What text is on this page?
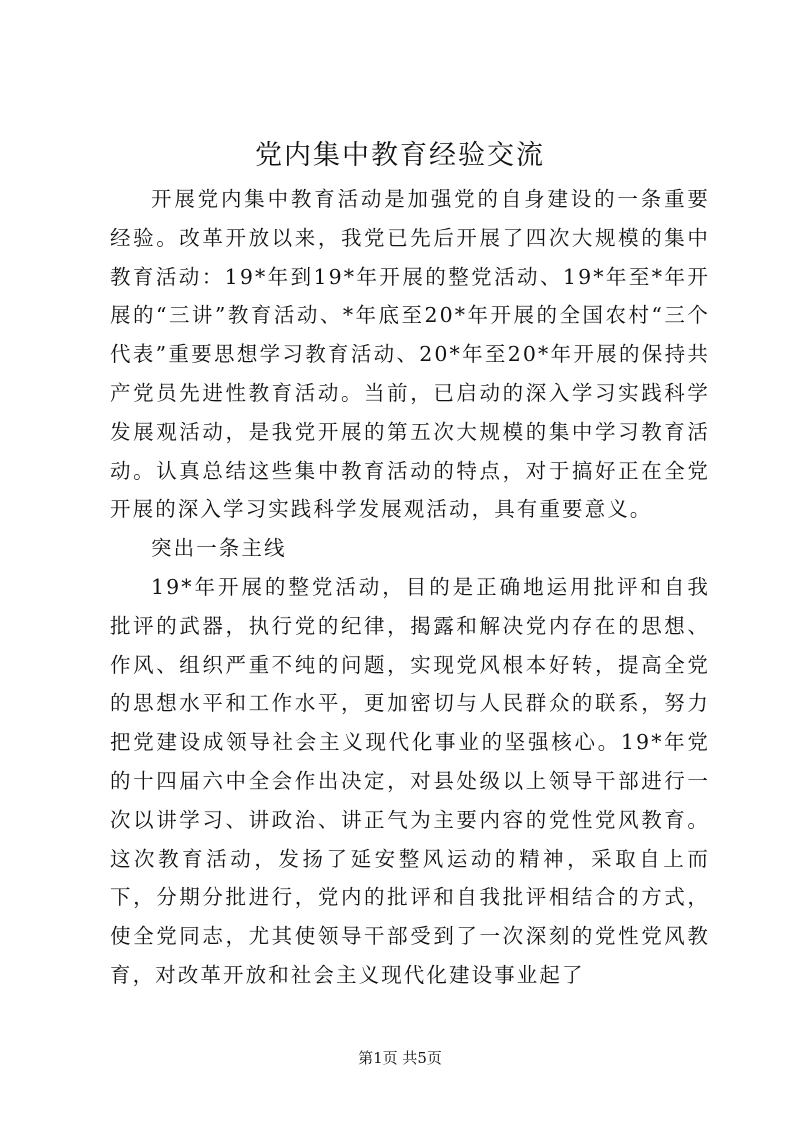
党内集中教育经验交流

开展党内集中教育活动是加强党的自身建设的一条重要经验。改革开放以来，我党已先后开展了四次大规模的集中教育活动：19*年到19*年开展的整党活动、19*年至*年开展的“三讲”教育活动、*年底至20*年开展的全国农村“三个代表”重要思想学习教育活动、20*年至20*年开展的保持共产党员先进性教育活动。当前，已启动的深入学习实践科学发展观活动，是我党开展的第五次大规模的集中学习教育活动。认真总结这些集中教育活动的特点，对于搞好正在全党开展的深入学习实践科学发展观活动，具有重要意义。

突出一条主线

19*年开展的整党活动，目的是正确地运用批评和自我批评的武器，执行党的纪律，揭露和解决党内存在的思想、作风、组织严重不纯的问题，实现党风根本好转，提高全党的思想水平和工作水平，更加密切与人民群众的联系，努力把党建设成领导社会主义现代化事业的坚强核心。19*年党的十四届六中全会作出决定，对县处级以上领导干部进行一次以讲学习、讲政治、讲正气为主要内容的党性党风教育。这次教育活动，发扬了延安整风运动的精神，采取自上而下，分期分批进行，党内的批评和自我批评相结合的方式，使全党同志，尤其使领导干部受到了一次深刻的党性党风教育，对改革开放和社会主义现代化建设事业起了

第1页 共5页
